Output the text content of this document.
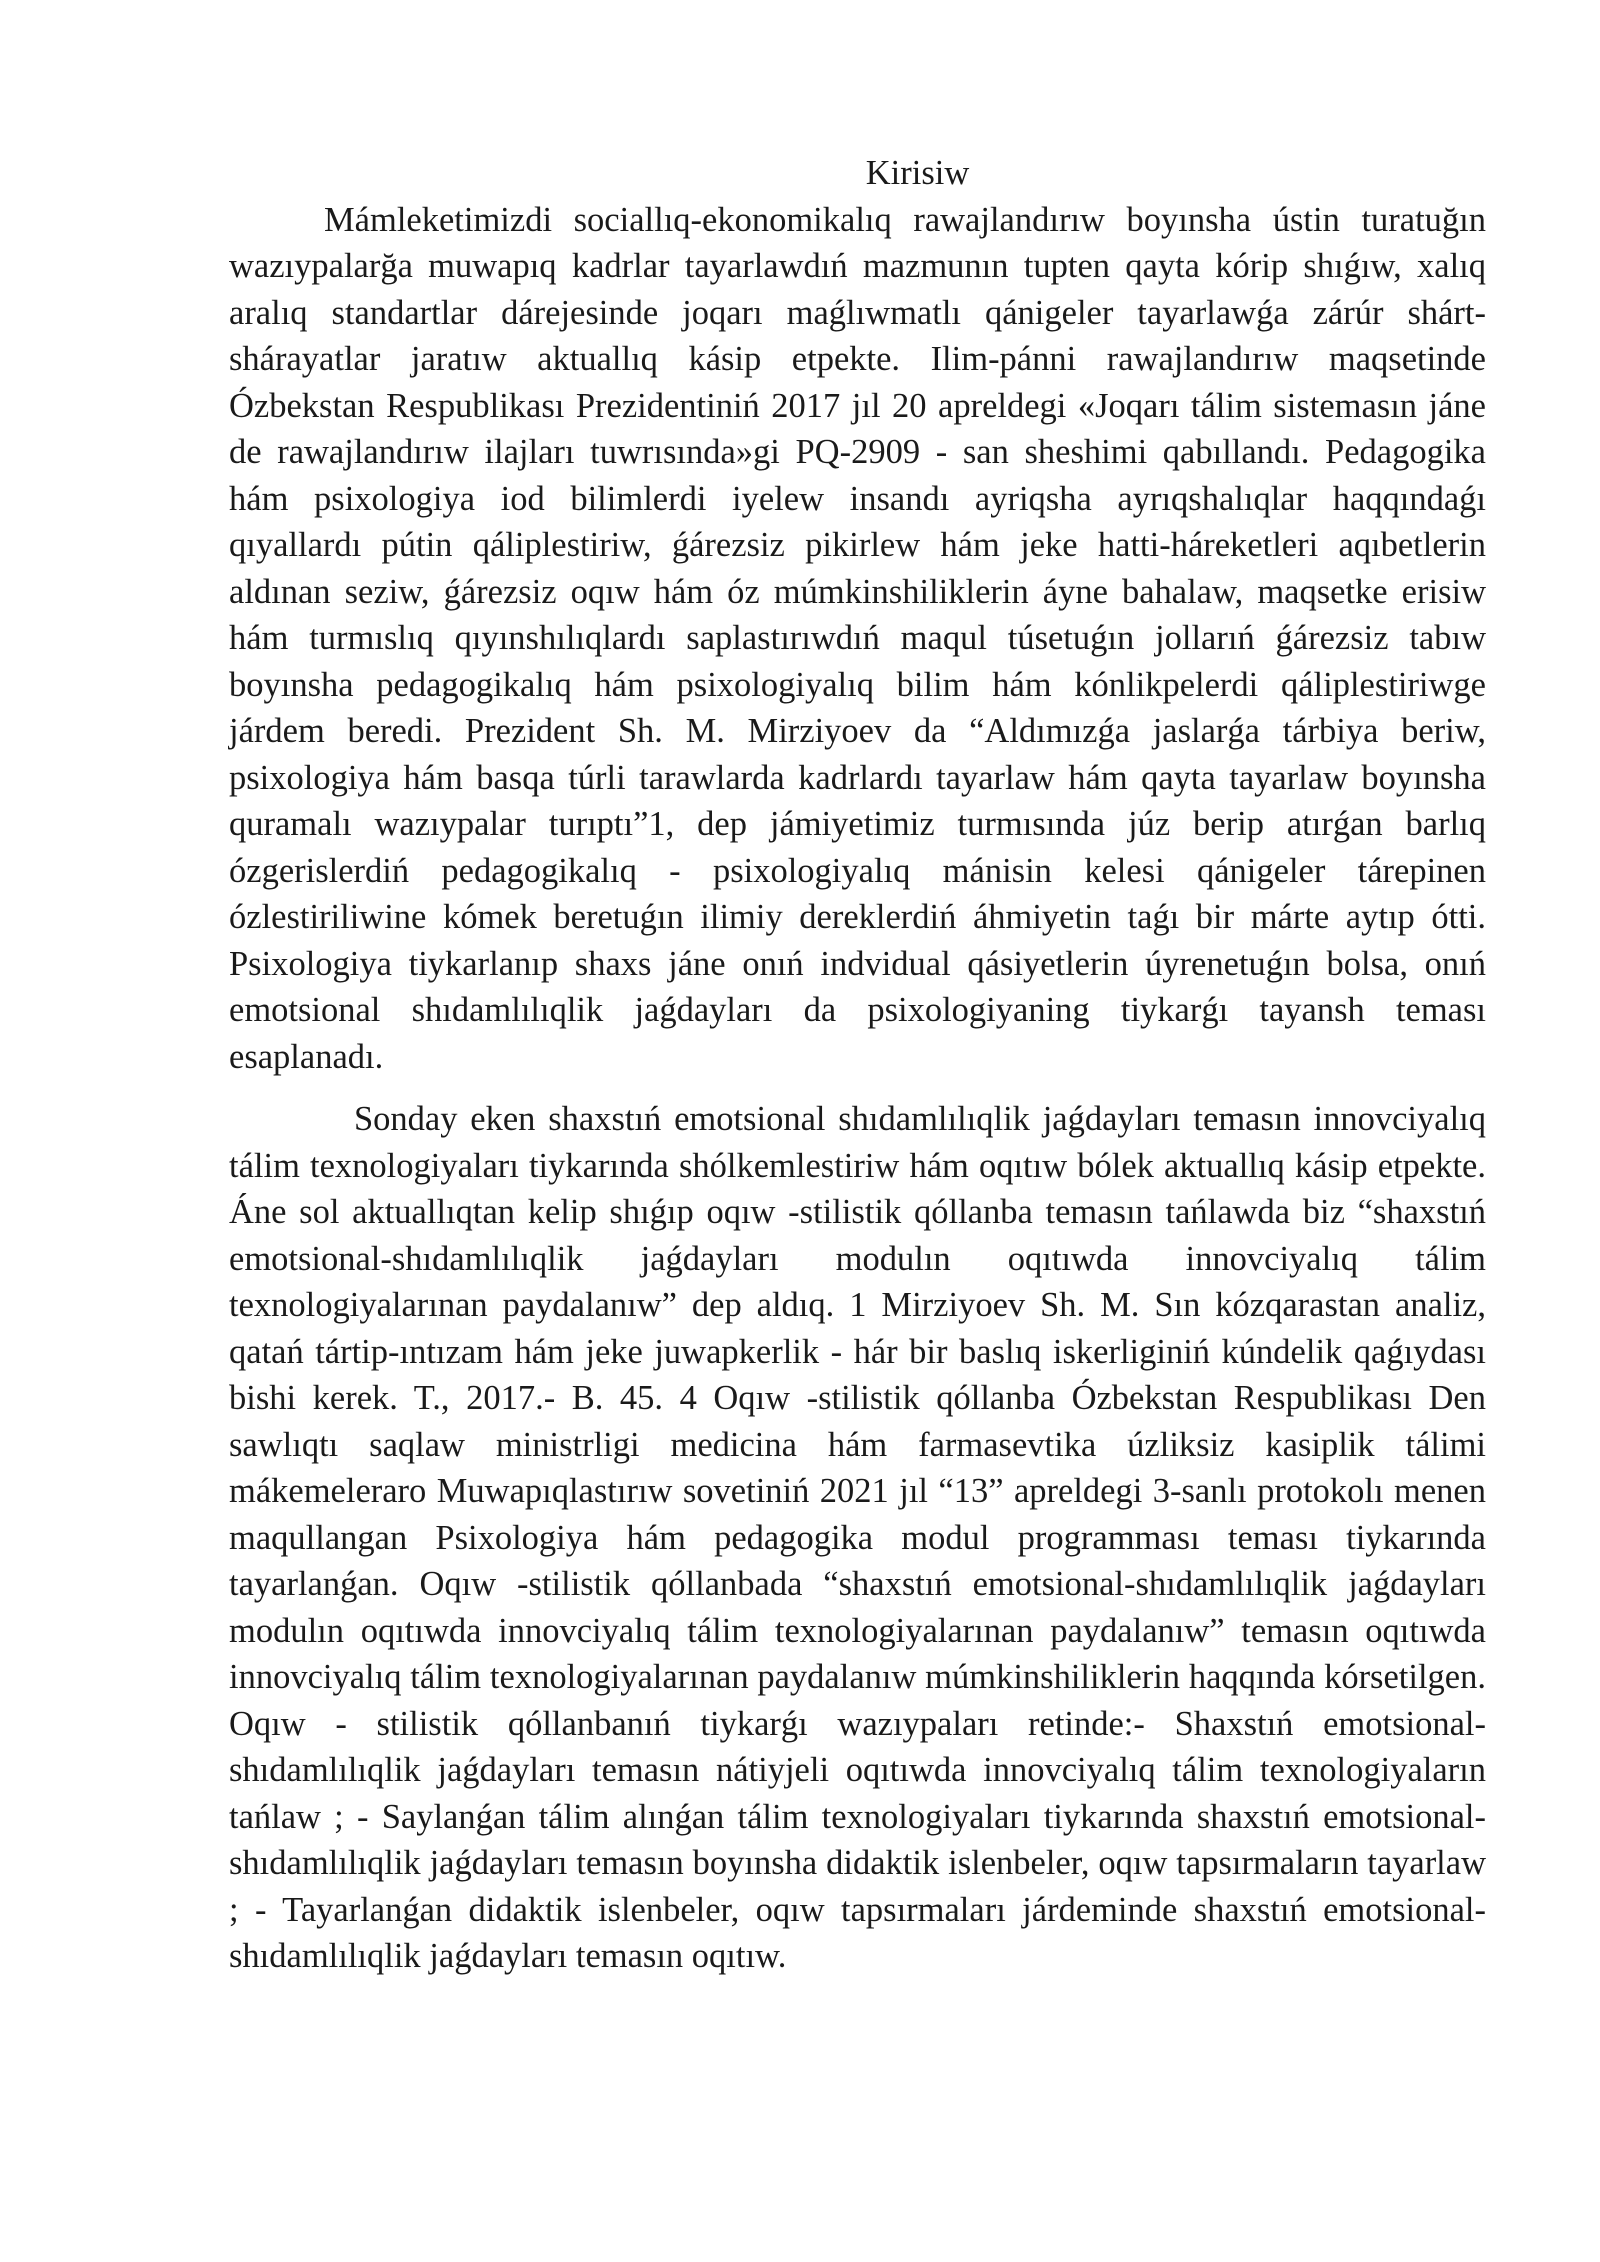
Kirisiw

Mámleketimizdi sociallıq-ekonomikalıq rawajlandırıw boyınsha ústin turatuğın wazıypalarğa muwapıq kadrlar tayarlawdıń mazmunın tupten qayta kórip shıǵıw, xalıq aralıq standartlar dárejesinde joqarı maǵlıwmatlı qánigeler tayarlawǵa zárúr shárt-shárayatlar jaratıw aktuallıq kásip etpekte. Ilim-pánni rawajlandırıw maqsetinde Ózbekstan Respublikası Prezidentiniń 2017 jıl 20 apreldegi «Joqarı tálim sistemasın jáne de rawajlandırıw ilajları tuwrısında»gi PQ-2909 - san sheshimi qabıllandı. Pedagogika hám psixologiya iod bilimlerdi iyelew insandı ayriqsha ayrıqshalıqlar haqqındaǵı qıyallardı pútin qáliplestiriw, ǵárezsiz pikirlew hám jeke hatti-háreketleri aqıbetlerin aldınan seziw, ǵárezsiz oqıw hám óz múmkinshiliklerin áyne bahalaw, maqsetke erisiw hám turmıslıq qıyınshılıqlardı saplastırıwdıń maqul túsetuǵın jollarıń ǵárezsiz tabıw boyınsha pedagogikalıq hám psixologiyalıq bilim hám kónlikpelerdi qáliplestiriwge járdem beredi. Prezident Sh. M. Mirziyoev da “Aldımızǵa jaslarǵa tárbiya beriw, psixologiya hám basqa túrli tarawlarda kadrlardı tayarlaw hám qayta tayarlaw boyınsha quramalı wazıypalar turıptı”1, dep jámiyetimiz turmısında júz berip atırǵan barlıq ózgerislerdiń pedagogikalıq - psixologiyalıq mánisin kelesi qánigeler tárepinen ózlestiriliwine kómek beretuǵın ilimiy dereklerdiń áhmiyetin taǵı bir márte aytıp ótti. Psixologiya tiykarlanıp shaxs jáne onıń indvidual qásiyetlerin úyrenetuǵın bolsa, onıń emotsional shıdamlılıqlik jaǵdayları da psixologiyaning tiykarǵı tayansh teması esaplanadı.

Sonday eken shaxstıń emotsional shıdamlılıqlik jaǵdayları temasın innovciyalıq tálim texnologiyaları tiykarında shólkemlestiriw hám oqıtıw bólek aktuallıq kásip etpekte. Áne sol aktuallıqtan kelip shıǵıp oqıw -stilistik qóllanba temasın tańlawda biz “shaxstıń emotsional-shıdamlılıqlik jaǵdayları modulın oqıtıwda innovciyalıq tálim texnologiyalarınan paydalanıw” dep aldıq. 1 Mirziyoev Sh. M. Sın kózqarastan analiz, qatań tártip-ıntızam hám jeke juwapkerlik - hár bir baslıq iskerliginiń kúndelik qaǵıydası bishi kerek. T., 2017.- B. 45. 4 Oqıw -stilistik qóllanba Ózbekstan Respublikası Den sawlıqtı saqlaw ministrligi medicina hám farmasevtika úzliksiz kasiplik tálimi mákemeleraro Muwapıqlastırıw sovetiniń 2021 jıl “13” apreldegi 3-sanlı protokolı menen maqullangan Psixologiya hám pedagogika modul programması teması tiykarında tayarlanǵan. Oqıw -stilistik qóllanbada “shaxstıń emotsional-shıdamlılıqlik jaǵdayları modulın oqıtıwda innovciyalıq tálim texnologiyalarınan paydalanıw” temasın oqıtıwda innovciyalıq tálim texnologiyalarınan paydalanıw múmkinshiliklerin haqqında kórsetilgen. Oqıw - stilistik qóllanbanıń tiykarǵı wazıypaları retinde:- Shaxstıń emotsional-shıdamlılıqlik jaǵdayları temasın nátiyjeli oqıtıwda innovciyalıq tálim texnologiyaların tańlaw ; - Saylanǵan tálim alınǵan tálim texnologiyaları tiykarında shaxstıń emotsional-shıdamlılıqlik jaǵdayları temasın boyınsha didaktik islenbeler, oqıw tapsırmaların tayarlaw ; - Tayarlanǵan didaktik islenbeler, oqıw tapsırmaları járdeminde shaxstıń emotsional-shıdamlılıqlik jaǵdayları temasın oqıtıw.
